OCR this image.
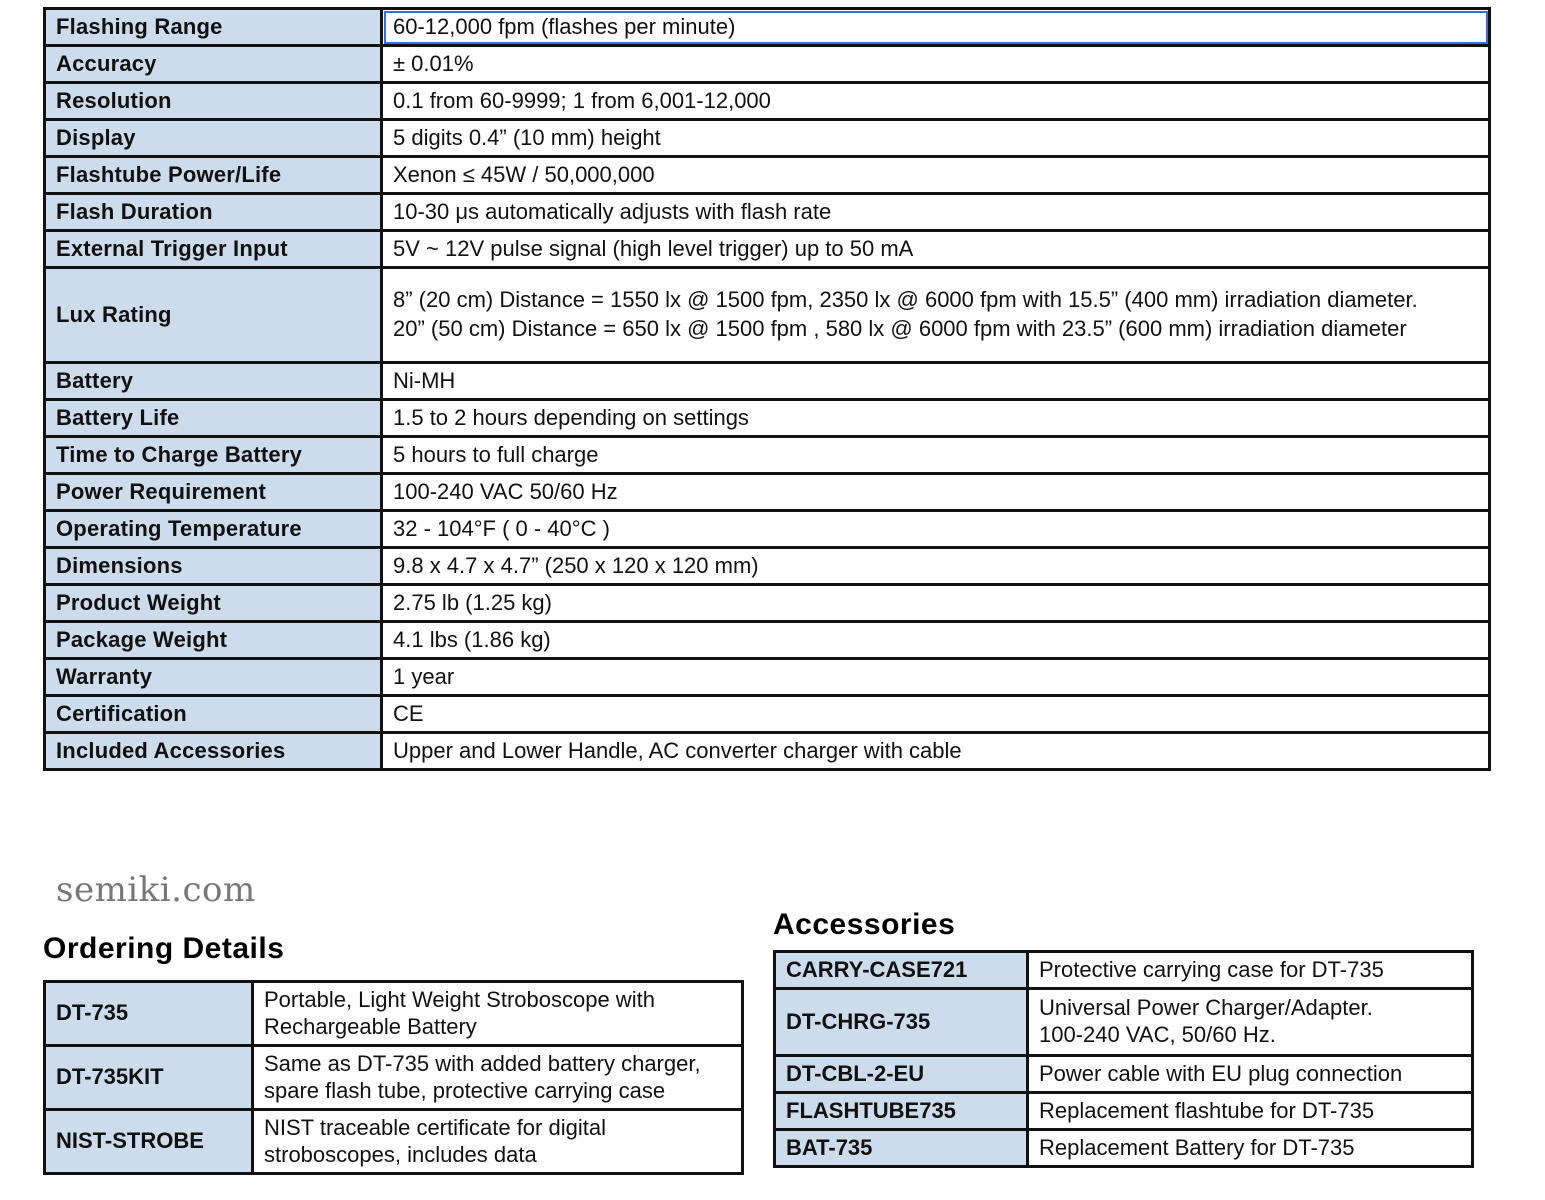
Flashing Range	60-12,000 fpm (flashes per minute)
Accuracy	± 0.01%
Resolution	0.1 from 60-9999; 1 from 6,001-12,000
Display	5 digits 0.4” (10 mm) height
Flashtube Power/Life	Xenon ≤ 45W / 50,000,000
Flash Duration	10-30 μs automatically adjusts with flash rate
External Trigger Input	5V ~ 12V pulse signal (high level trigger) up to 50 mA
Lux Rating	8” (20 cm) Distance = 1550 lx @ 1500 fpm, 2350 lx @ 6000 fpm with 15.5” (400 mm) irradiation diameter.
20” (50 cm) Distance = 650 lx @ 1500 fpm , 580 lx @ 6000 fpm with 23.5” (600 mm) irradiation diameter

Battery	Ni-MH
Battery Life	1.5 to 2 hours depending on settings
Time to Charge Battery	5 hours to full charge
Power Requirement	100-240 VAC 50/60 Hz
Operating Temperature	32 - 104°F ( 0 - 40°C )
Dimensions	9.8 x 4.7 x 4.7” (250 x 120 x 120 mm)
Product Weight	2.75 lb (1.25 kg)
Package Weight	4.1 lbs (1.86 kg)
Warranty	1 year
Certification	CE
Included Accessories	Upper and Lower Handle, AC converter charger with cable
semiki.com
Ordering Details
DT-735	Portable, Light Weight Stroboscope with
Rechargeable Battery

DT-735KIT	Same as DT-735 with added battery charger,
spare flash tube, protective carrying case

NIST-STROBE	NIST traceable certificate for digital
stroboscopes, includes data
Accessories
CARRY-CASE721	Protective carrying case for DT-735
DT-CHRG-735	Universal Power Charger/Adapter.
100-240 VAC, 50/60 Hz.

DT-CBL-2-EU	Power cable with EU plug connection
FLASHTUBE735	Replacement flashtube for DT-735
BAT-735	Replacement Battery for DT-735
